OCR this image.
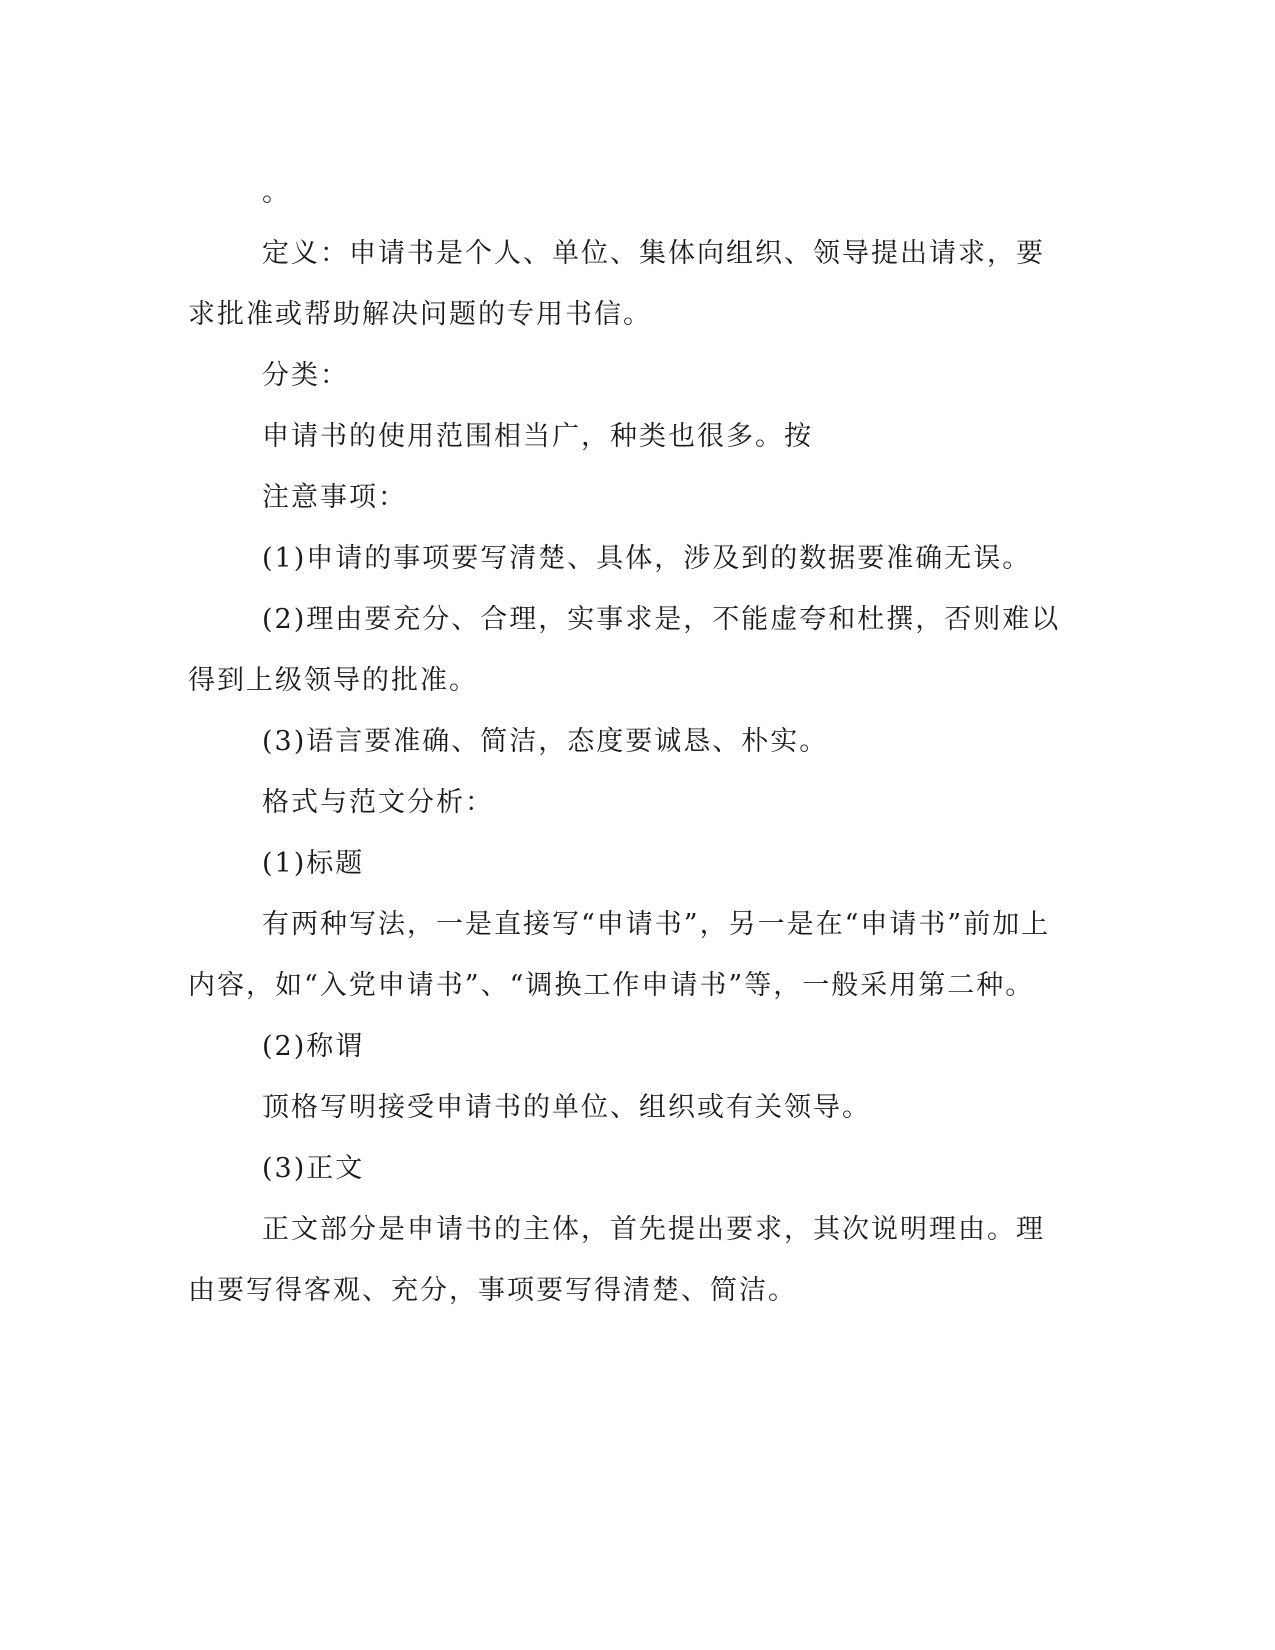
。

定义：申请书是个人、单位、集体向组织、领导提出请求，要求批准或帮助解决问题的专用书信。

分类：

申请书的使用范围相当广，种类也很多。按

注意事项：

(1)申请的事项要写清楚、具体，涉及到的数据要准确无误。

(2)理由要充分、合理，实事求是，不能虚夸和杜撰，否则难以得到上级领导的批准。

(3)语言要准确、简洁，态度要诚恳、朴实。

格式与范文分析：

(1)标题

有两种写法，一是直接写“申请书”，另一是在“申请书”前加上内容，如“入党申请书”、“调换工作申请书”等，一般采用第二种。

(2)称谓

顶格写明接受申请书的单位、组织或有关领导。

(3)正文

正文部分是申请书的主体，首先提出要求，其次说明理由。理由要写得客观、充分，事项要写得清楚、简洁。
